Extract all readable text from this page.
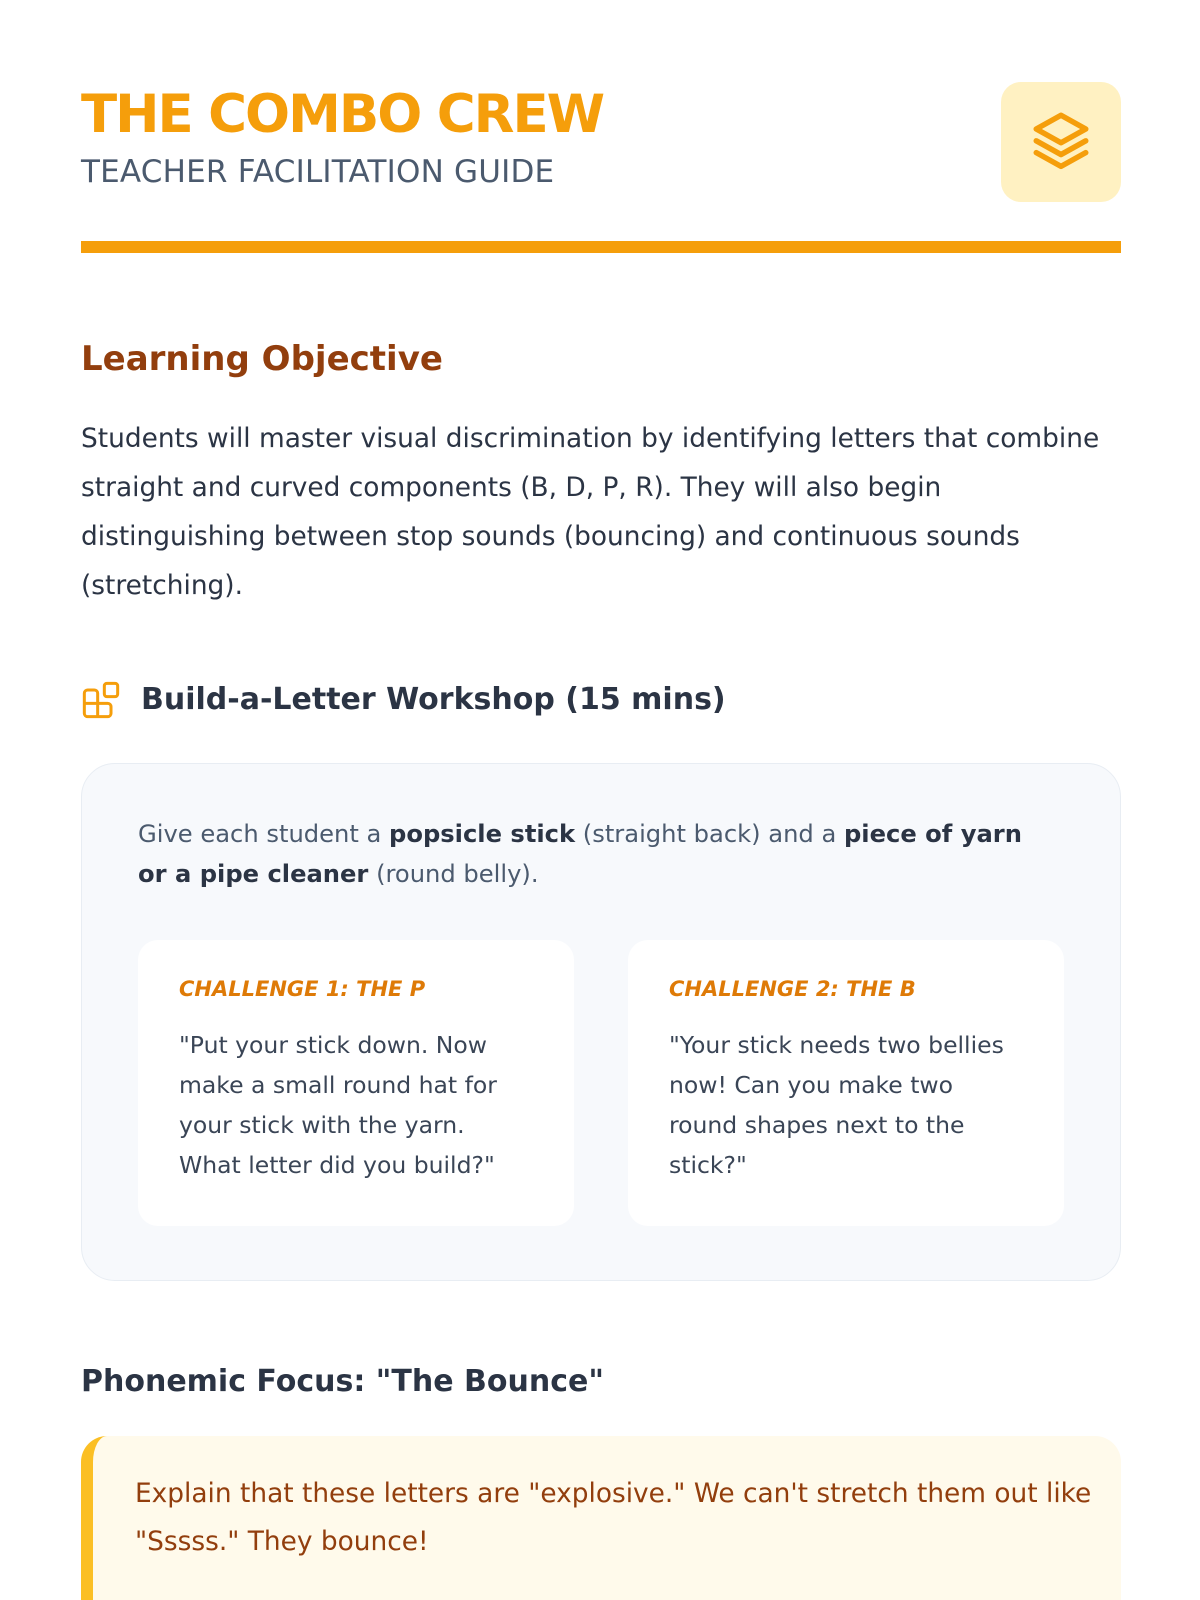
THE COMBO CREW
TEACHER FACILITATION GUIDE
Learning Objective

Students will master visual discrimination by identifying letters that combine straight and curved components (B, D, P, R). They will also begin distinguishing between stop sounds (bouncing) and continuous sounds (stretching).

Build-a-Letter Workshop (15 mins)

Give each student a popsicle stick (straight back) and a piece of yarn or a pipe cleaner (round belly).

CHALLENGE 1: THE P

"Put your stick down. Now make a small round hat for your stick with the yarn. What letter did you build?"

CHALLENGE 2: THE B

"Your stick needs two bellies now! Can you make two round shapes next to the stick?"

Phonemic Focus: "The Bounce"

Explain that these letters are "explosive." We can't stretch them out like "Sssss." They bounce!
